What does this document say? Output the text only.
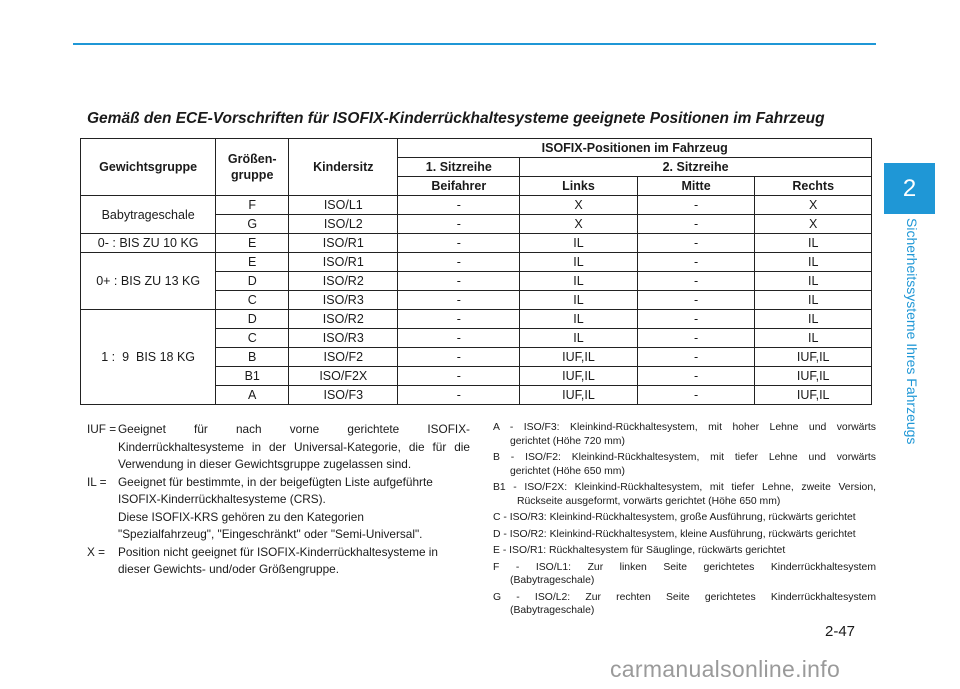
2
Sicherheitssysteme Ihres Fahrzeugs
Gemäß den ECE-Vorschriften für ISOFIX-Kinderrückhaltesysteme geeignete Positionen im Fahrzeug
Gewichtsgruppe	Größen-
gruppe	Kindersitz	ISOFIX-Positionen im Fahrzeug			
			1. Sitzreihe	2. Sitzreihe		
			Beifahrer	Links	Mitte	Rechts
Babytrageschale	F	ISO/L1	-	X	-	X
	G	ISO/L2	-	X	-	X
0- : BIS ZU 10 KG	E	ISO/R1	-	IL	-	IL
0+ : BIS ZU 13 KG	E	ISO/R1	-	IL	-	IL
	D	ISO/R2	-	IL	-	IL
	C	ISO/R3	-	IL	-	IL
1 :  9  BIS 18 KG	D	ISO/R2	-	IL	-	IL
	C	ISO/R3	-	IL	-	IL
	B	ISO/F2	-	IUF,IL	-	IUF,IL
	B1	ISO/F2X	-	IUF,IL	-	IUF,IL
	A	ISO/F3	-	IUF,IL	-	IUF,IL
IUF = Geeignet für nach vorne gerichtete ISOFIX-
Kinderrückhaltesysteme in der Universal-Kategorie, die für die
Verwendung in dieser Gewichtsgruppe zugelassen sind.
IL = Geeignet für bestimmte, in der beigefügten Liste aufgeführte
ISOFIX-Kinderrückhaltesysteme (CRS).
Diese ISOFIX-KRS gehören zu den Kategorien
"Spezialfahrzeug", "Eingeschränkt" oder "Semi-Universal".
X =	Position nicht geeignet für ISOFIX-Kinderrückhaltesysteme in
dieser Gewichts- und/oder Größengruppe.
A - ISO/F3: Kleinkind-Rückhaltesystem, mit hoher Lehne und vorwärts
gerichtet (Höhe 720 mm)
B - ISO/F2: Kleinkind-Rückhaltesystem, mit tiefer Lehne und vorwärts
gerichtet (Höhe 650 mm)
B1 - ISO/F2X: Kleinkind-Rückhaltesystem, mit tiefer Lehne, zweite Version,
Rückseite ausgeformt, vorwärts gerichtet (Höhe 650 mm)
C - ISO/R3: Kleinkind-Rückhaltesystem, große Ausführung, rückwärts gerichtet
D - ISO/R2: Kleinkind-Rückhaltesystem, kleine Ausführung, rückwärts gerichtet
E - ISO/R1: Rückhaltesystem für Säuglinge, rückwärts gerichtet
F - ISO/L1: Zur linken Seite gerichtetes Kinderrückhaltesystem
(Babytrageschale)
G - ISO/L2: Zur rechten Seite gerichtetes Kinderrückhaltesystem
(Babytrageschale)
2-47
carmanualsonline.info
